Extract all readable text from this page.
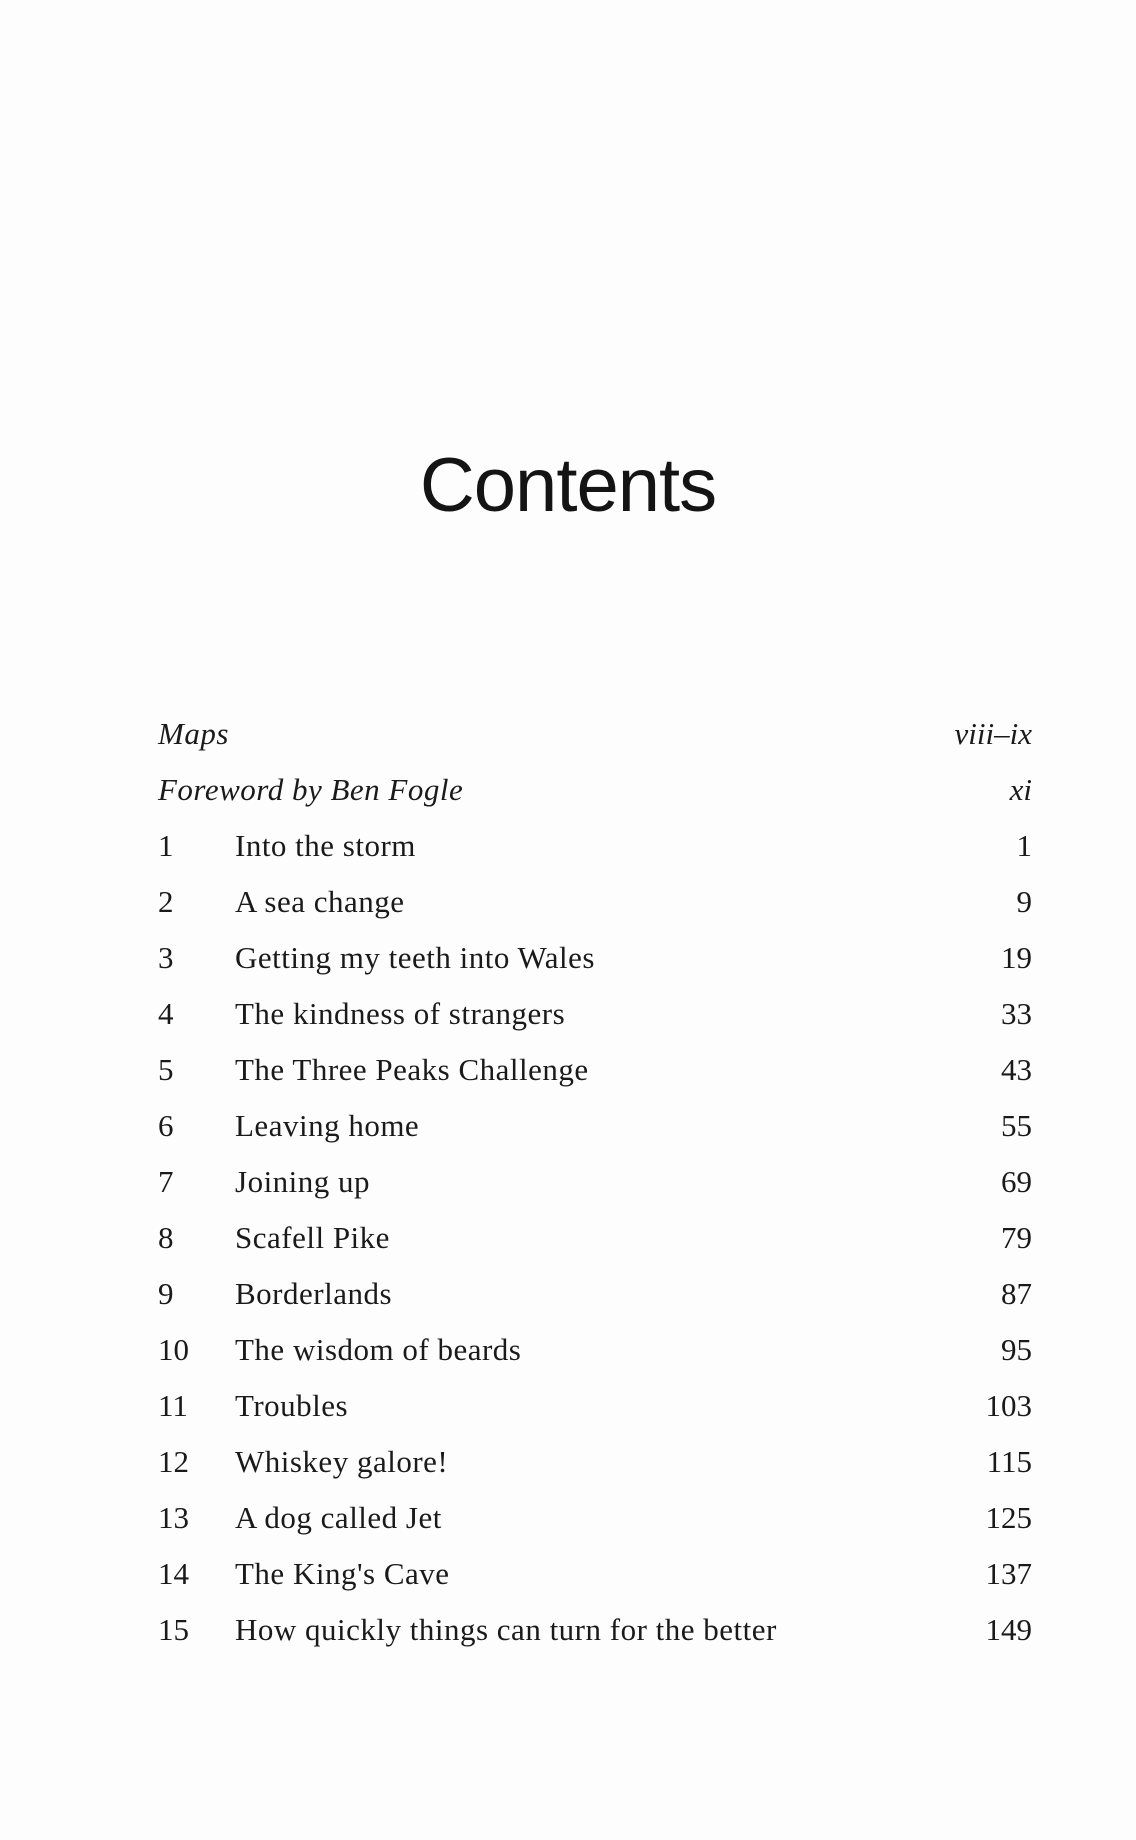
Contents
Maps	viii–ix
Foreword by Ben Fogle	xi
1	Into the storm	1
2	A sea change	9
3	Getting my teeth into Wales	19
4	The kindness of strangers	33
5	The Three Peaks Challenge	43
6	Leaving home	55
7	Joining up	69
8	Scafell Pike	79
9	Borderlands	87
10	The wisdom of beards	95
11	Troubles	103
12	Whiskey galore!	115
13	A dog called Jet	125
14	The King's Cave	137
15	How quickly things can turn for the better	149
